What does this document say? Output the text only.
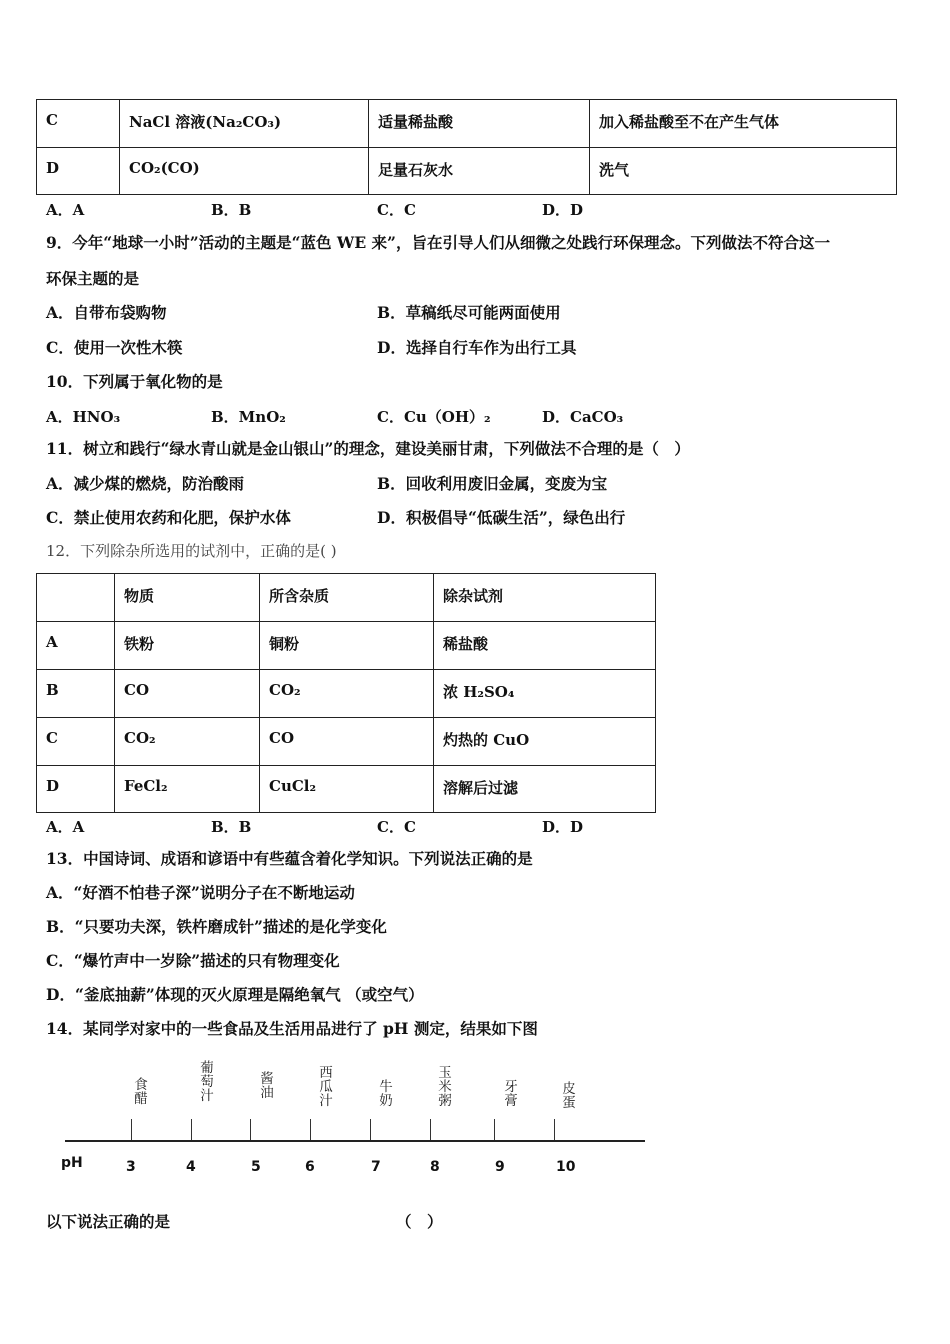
C	NaCl 溶液(Na₂CO₃)	适量稀盐酸	加入稀盐酸至不在产生气体
D	CO₂(CO)	足量石灰水	洗气
A．A	B．B	C．C	D．D
9．今年“地球一小时”活动的主题是“蓝色 WE 来”，旨在引导人们从细微之处践行环保理念。下列做法不符合这一
环保主题的是
A．自带布袋购物	B．草稿纸尽可能两面使用
C．使用一次性木筷	D．选择自行车作为出行工具
10．下列属于氧化物的是
A．HNO₃	B．MnO₂	C．Cu（OH）₂	D．CaCO₃
11．树立和践行“绿水青山就是金山银山”的理念，建设美丽甘肃，下列做法不合理的是（　）
A．减少煤的燃烧，防治酸雨	B．回收利用废旧金属，变废为宝
C．禁止使用农药和化肥，保护水体	D．积极倡导“低碳生活”，绿色出行
12．下列除杂所选用的试剂中，正确的是( )
	物质	所含杂质	除杂试剂
A	铁粉	铜粉	稀盐酸
B	CO	CO₂	浓 H₂SO₄
C	CO₂	CO	灼热的 CuO
D	FeCl₂	CuCl₂	溶解后过滤
A．A	B．B	C．C	D．D
13．中国诗词、成语和谚语中有些蕴含着化学知识。下列说法正确的是
A．“好酒不怕巷子深”说明分子在不断地运动
B．“只要功夫深，铁杵磨成针”描述的是化学变化
C．“爆竹声中一岁除”描述的只有物理变化
D．“釜底抽薪”体现的灭火原理是隔绝氧气 （或空气）
14．某同学对家中的一些食品及生活用品进行了 pH 测定，结果如下图
食醋
葡萄汁
酱油
西瓜汁
牛奶
玉米粥
牙膏
皮蛋
pH	3	4	5	6	7	8	9	10
以下说法正确的是	（　）
